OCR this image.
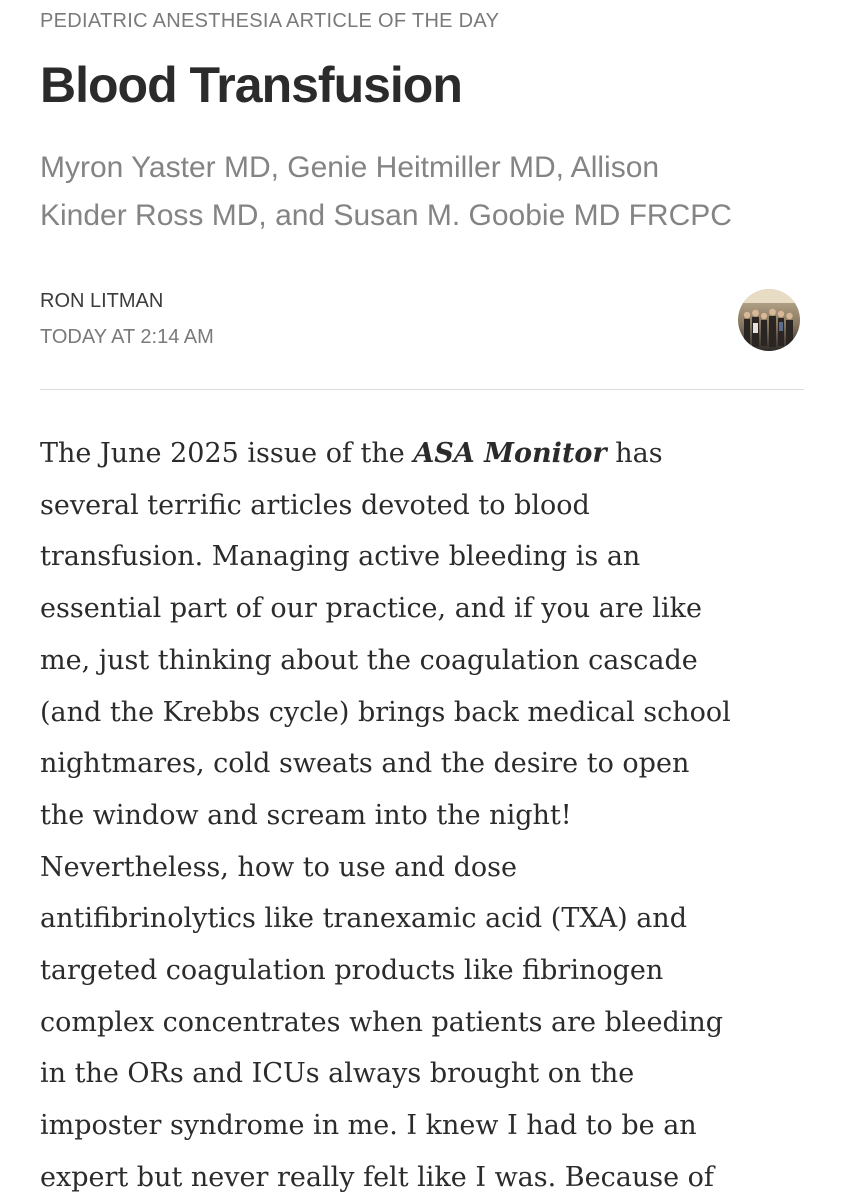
PEDIATRIC ANESTHESIA ARTICLE OF THE DAY
Blood Transfusion

Myron Yaster MD, Genie Heitmiller MD, Allison
Kinder Ross MD, and Susan M. Goobie MD FRCPC

RON LITMAN
TODAY AT 2:14 AM

The June 2025 issue of the ASA Monitor has
several terrific articles devoted to blood
transfusion. Managing active bleeding is an
essential part of our practice, and if you are like
me, just thinking about the coagulation cascade
(and the Krebbs cycle) brings back medical school
nightmares, cold sweats and the desire to open
the window and scream into the night!
Nevertheless, how to use and dose
antifibrinolytics like tranexamic acid (TXA) and
targeted coagulation products like fibrinogen
complex concentrates when patients are bleeding
in the ORs and ICUs always brought on the
imposter syndrome in me. I knew I had to be an
expert but never really felt like I was. Because of
